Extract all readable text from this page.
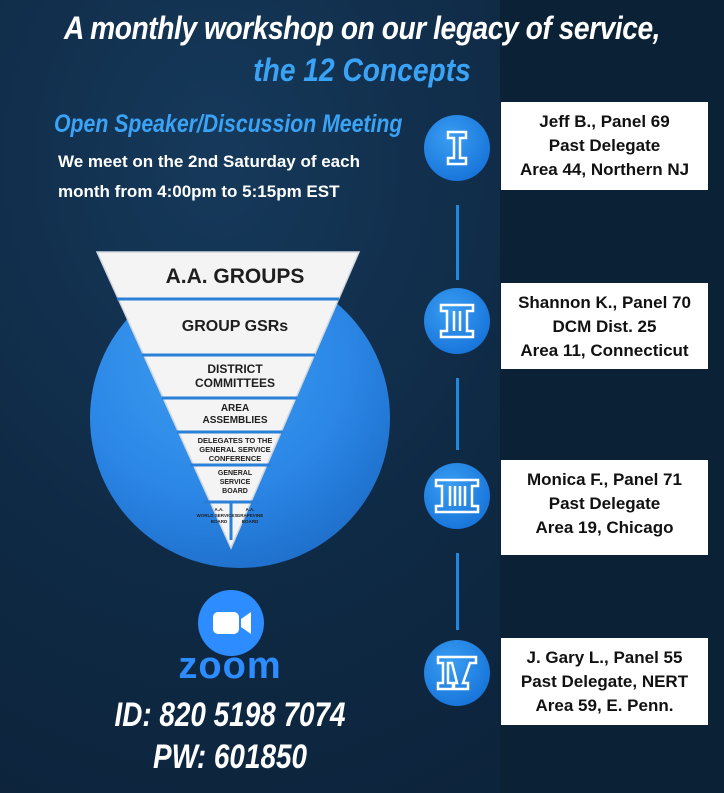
A monthly workshop on our legacy of service,
the 12 Concepts
Open Speaker/Discussion Meeting
We meet on the 2nd Saturday of each
month from 4:00pm to 5:15pm EST
A.A. GROUPS
GROUP GSRs
DISTRICT
COMMITTEES
AREA
ASSEMBLIES
DELEGATES TO THE
GENERAL SERVICE
CONFERENCE
GENERAL
SERVICE
BOARD
A.A.
WORLD SERVICES
BOARD
A.A.
GRAPEVINE
BOARD
zoom
ID: 820 5198 7074
PW: 601850
Jeff B., Panel 69
Past Delegate
Area 44, Northern NJ
Shannon K., Panel 70
DCM Dist. 25
Area 11, Connecticut
Monica F., Panel 71
Past Delegate
Area 19, Chicago
J. Gary L., Panel 55
Past Delegate, NERT
Area 59, E. Penn.
